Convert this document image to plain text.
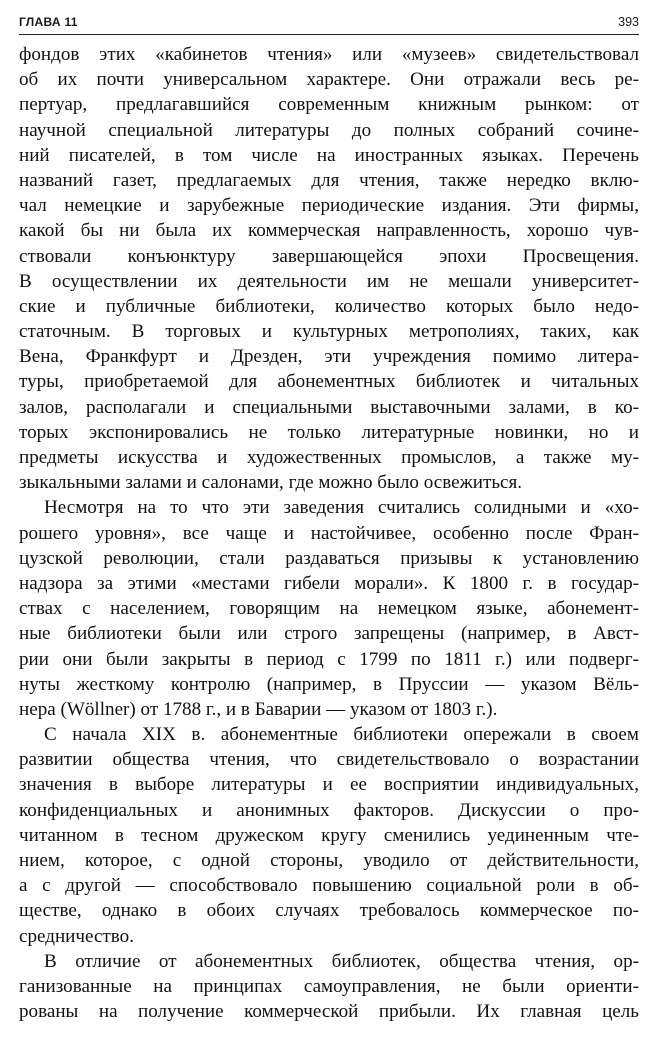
ГЛАВА 11	393
фондов этих «кабинетов чтения» или «музеев» свидетельствовал
об их почти универсальном характере. Они отражали весь ре-
пертуар, предлагавшийся современным книжным рынком: от
научной специальной литературы до полных собраний сочине-
ний писателей, в том числе на иностранных языках. Перечень
названий газет, предлагаемых для чтения, также нередко вклю-
чал немецкие и зарубежные периодические издания. Эти фирмы,
какой бы ни была их коммерческая направленность, хорошо чув-
ствовали конъюнктуру завершающейся эпохи Просвещения.
В осуществлении их деятельности им не мешали университет-
ские и публичные библиотеки, количество которых было недо-
статочным. В торговых и культурных метрополиях, таких, как
Вена, Франкфурт и Дрезден, эти учреждения помимо литера-
туры, приобретаемой для абонементных библиотек и читальных
залов, располагали и специальными выставочными залами, в ко-
торых экспонировались не только литературные новинки, но и
предметы искусства и художественных промыслов, а также му-
зыкальными залами и салонами, где можно было освежиться.
Несмотря на то что эти заведения считались солидными и «хо-
рошего уровня», все чаще и настойчивее, особенно после Фран-
цузской революции, стали раздаваться призывы к установлению
надзора за этими «местами гибели морали». К 1800 г. в государ-
ствах с населением, говорящим на немецком языке, абонемент-
ные библиотеки были или строго запрещены (например, в Авст-
рии они были закрыты в период с 1799 по 1811 г.) или подверг-
нуты жесткому контролю (например, в Пруссии — указом Вёль-
нера (Wöllner) от 1788 г., и в Баварии — указом от 1803 г.).
С начала XIX в. абонементные библиотеки опережали в своем
развитии общества чтения, что свидетельствовало о возрастании
значения в выборе литературы и ее восприятии индивидуальных,
конфиденциальных и анонимных факторов. Дискуссии о про-
читанном в тесном дружеском кругу сменились уединенным чте-
нием, которое, с одной стороны, уводило от действительности,
а с другой — способствовало повышению социальной роли в об-
ществе, однако в обоих случаях требовалось коммерческое по-
средничество.
В отличие от абонементных библиотек, общества чтения, ор-
ганизованные на принципах самоуправления, не были ориенти-
рованы на получение коммерческой прибыли. Их главная цель
